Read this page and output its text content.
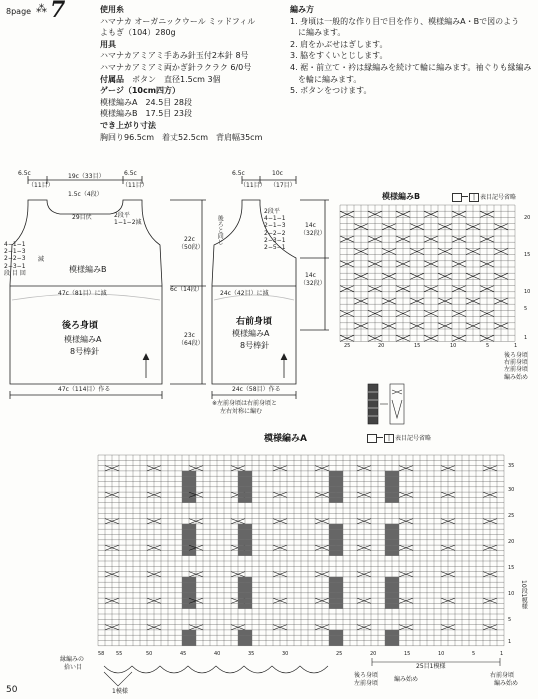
8page ⁂ 7	使用糸
ハマナカ オーガニックウール ミッドフィル
よもぎ（104）280g
用具
ハマナカアミアミ手あみ針玉付2本針 8号
ハマナカアミアミ両かぎ針ラクラク 6/0号
付属品　 ボタン　直径1.5cm 3個
ゲージ（10cm四方）
模様編みA　24.5目 28段
模様編みB　17.5目 23段
でき上がり寸法
胸回り96.5cm　着丈52.5cm　背肩幅35cm
編み方
1. 身頃は一般的な作り目で目を作り、模様編みA・Bで図のよう
　に編みます。
2. 肩をかぶせはぎします。
3. 脇をすくいとじします。
4. 裾・前立て・衿は縁編みを続けて輪に編みます。袖ぐりも縁編み
　を輪に編みます。
5. ボタンをつけます。
6.5c
（11目）
19c（33目）	6.5c
（11目）
1.5c（4段）
29目伏	2段平
1−1−2減
4−1−1
2−1−3
2−2−3
2−3−1
段 目 回
減
模様編みB
22c
（50段）
6c（14段）
47c（81目）に減
後ろ身頃
模様編みA
8号棒針
23c
（64段）
47c（114目）作る
6.5c
（11目）
10c
（17目）
2段平
4−1−1
2−1−3
2−2−2
2−3−1
2−5−1
後ろと同じ	14c
（32段）
14c
（32段）
24c（42目）に減
右前身頃
模様編みA
8号棒針
24c（58目）作る
※左前身頃は右前身頃と
左右対称に編む
模様編みB	| 表目記号省略
20
15
10
5
1
25	20	15	10	5	1
後ろ身頃
右前身頃
左前身頃
編み始め
模様編みA	| 表目記号省略
35
30
25
20
15
10
5
1
10段1模様
58 55	50	45	40	35	30	25	20	15	10	5	1
縁編みの
拾い目
1模様
25目1模様
後ろ身頃
左前身頃
編み始め
右前身頃
編み始め
50
